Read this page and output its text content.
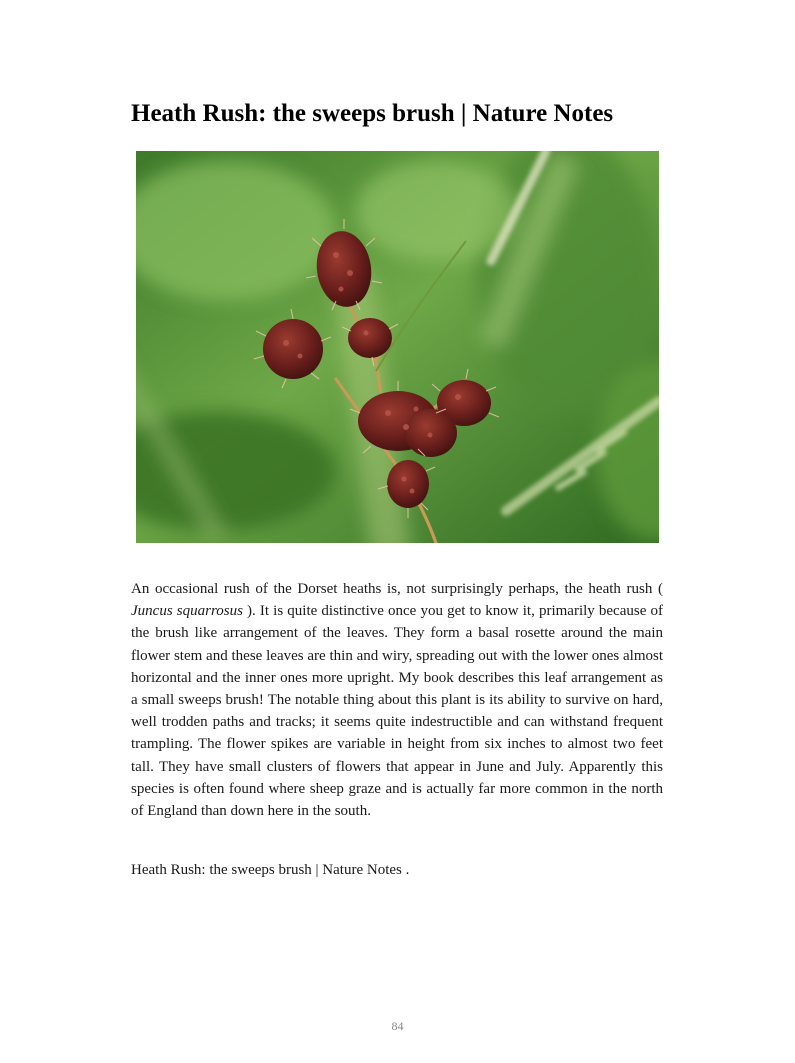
Heath Rush: the sweeps brush | Nature Notes

An occasional rush of the Dorset heaths is, not surprisingly perhaps, the heath rush ( Juncus squarrosus ). It is quite distinctive once you get to know it, primarily because of the brush like arrangement of the leaves. They form a basal rosette around the main flower stem and these leaves are thin and wiry, spreading out with the lower ones almost horizontal and the inner ones more upright. My book describes this leaf arrangement as a small sweeps brush! The notable thing about this plant is its ability to survive on hard, well trodden paths and tracks; it seems quite indestructible and can withstand frequent trampling. The flower spikes are variable in height from six inches to almost two feet tall. They have small clusters of flowers that appear in June and July. Apparently this species is often found where sheep graze and is actually far more common in the north of England than down here in the south.

Heath Rush: the sweeps brush | Nature Notes .

84
